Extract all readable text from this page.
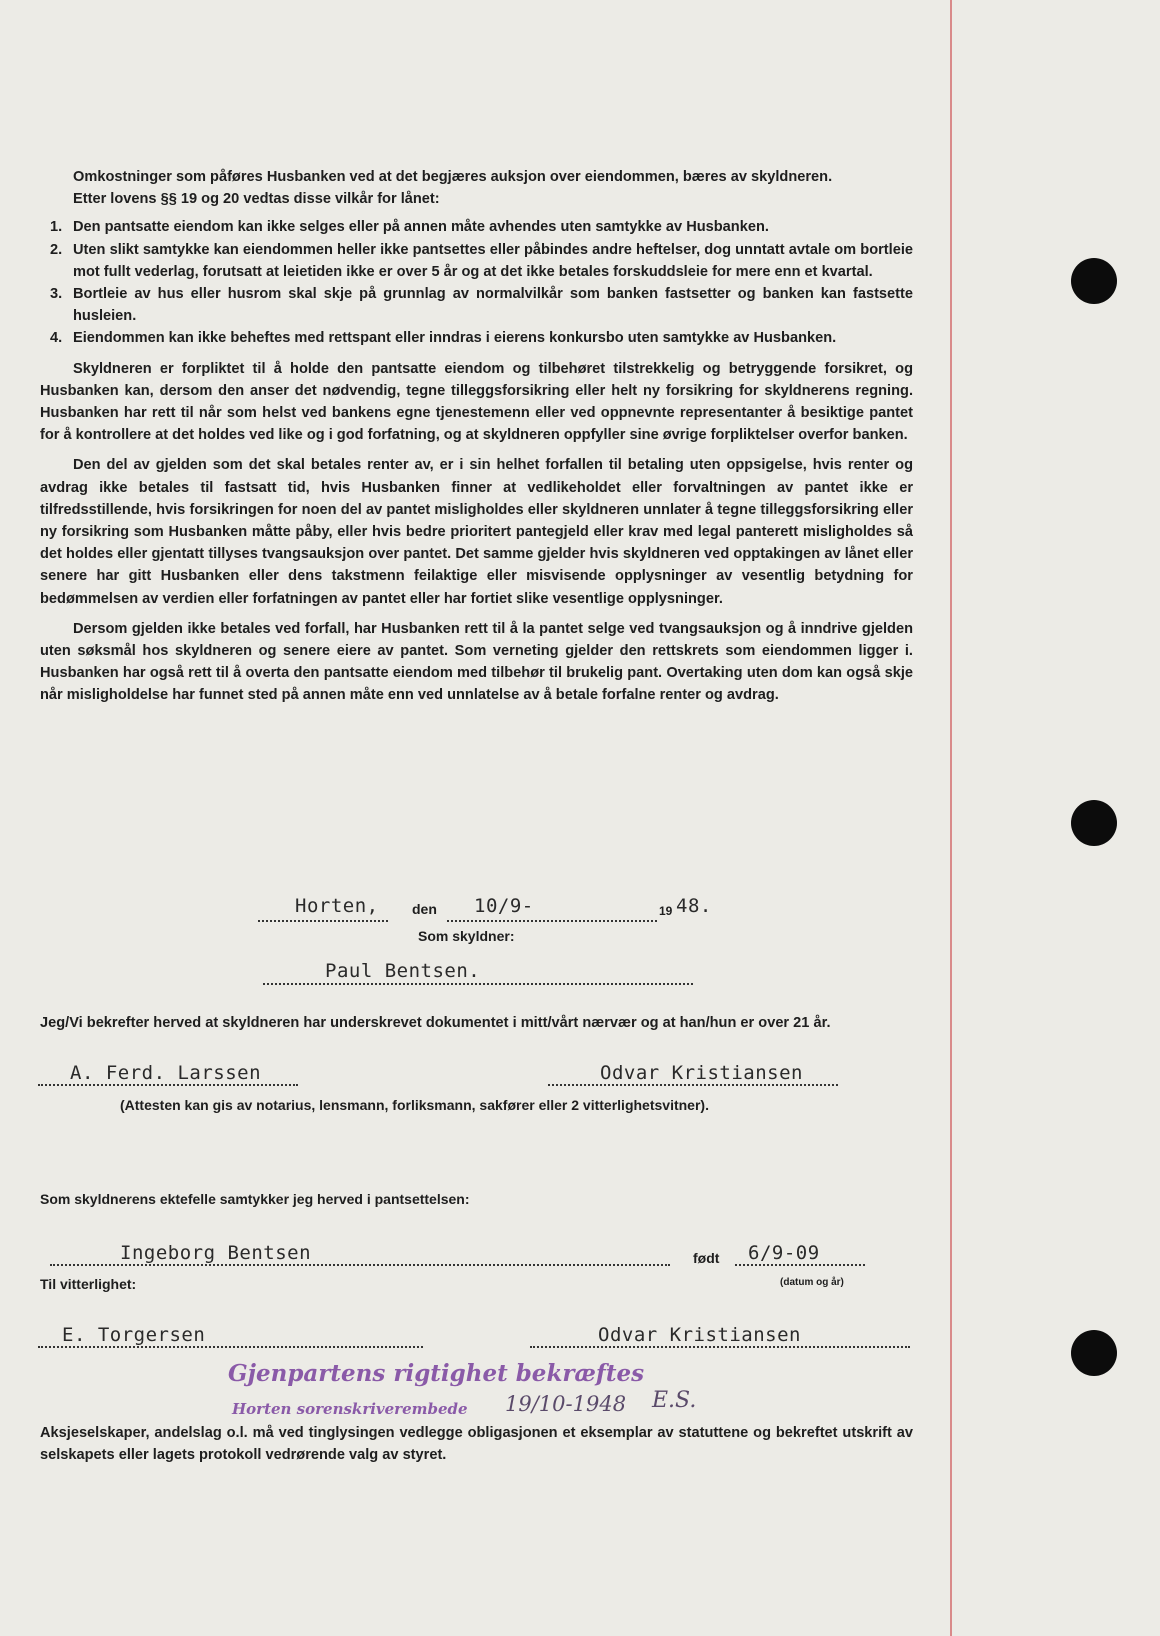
Omkostninger som påføres Husbanken ved at det begjæres auksjon over eiendommen, bæres av skyldneren.

Etter lovens §§ 19 og 20 vedtas disse vilkår for lånet:

1. Den pantsatte eiendom kan ikke selges eller på annen måte avhendes uten samtykke av Husbanken.
2. Uten slikt samtykke kan eiendommen heller ikke pantsettes eller påbindes andre heftelser, dog unntatt avtale om bortleie mot fullt vederlag, forutsatt at leietiden ikke er over 5 år og at det ikke betales forskuddsleie for mere enn et kvartal.
3. Bortleie av hus eller husrom skal skje på grunnlag av normalvilkår som banken fastsetter og banken kan fastsette husleien.
4. Eiendommen kan ikke beheftes med rettspant eller inndras i eierens konkursbo uten samtykke av Husbanken.

Skyldneren er forpliktet til å holde den pantsatte eiendom og tilbehøret tilstrekkelig og betryggende forsikret, og Husbanken kan, dersom den anser det nødvendig, tegne tilleggsforsikring eller helt ny forsikring for skyldnerens regning. Husbanken har rett til når som helst ved bankens egne tjenestemenn eller ved oppnevnte representanter å besiktige pantet for å kontrollere at det holdes ved like og i god forfatning, og at skyldneren oppfyller sine øvrige forpliktelser overfor banken.

Den del av gjelden som det skal betales renter av, er i sin helhet forfallen til betaling uten oppsigelse, hvis renter og avdrag ikke betales til fastsatt tid, hvis Husbanken finner at vedlikeholdet eller forvaltningen av pantet ikke er tilfredsstillende, hvis forsikringen for noen del av pantet misligholdes eller skyldneren unnlater å tegne tilleggsforsikring eller ny forsikring som Husbanken måtte påby, eller hvis bedre prioritert pantegjeld eller krav med legal panterett misligholdes så det holdes eller gjentatt tillyses tvangsauksjon over pantet. Det samme gjelder hvis skyldneren ved opptakingen av lånet eller senere har gitt Husbanken eller dens takstmenn feilaktige eller misvisende opplysninger av vesentlig betydning for bedømmelsen av verdien eller forfatningen av pantet eller har fortiet slike vesentlige opplysninger.

Dersom gjelden ikke betales ved forfall, har Husbanken rett til å la pantet selge ved tvangsauksjon og å inndrive gjelden uten søksmål hos skyldneren og senere eiere av pantet. Som verneting gjelder den rettskrets som eiendommen ligger i. Husbanken har også rett til å overta den pantsatte eiendom med tilbehør til brukelig pant. Overtaking uten dom kan også skje når misligholdelse har funnet sted på annen måte enn ved unnlatelse av å betale forfalne renter og avdrag.

Horten, den 10/9-	19 48.
Som skyldner:
Paul Bentsen.

Jeg/Vi bekrefter herved at skyldneren har underskrevet dokumentet i mitt/vårt nærvær og at han/hun er over 21 år.

A. Ferd. Larssen	Odvar Kristiansen
(Attesten kan gis av notarius, lensmann, forliksmann, sakfører eller 2 vitterlighetsvitner).
Som skyldnerens ektefelle samtykker jeg herved i pantsettelsen:
Ingeborg Bentsen	født 6/9-09
(datum og år)
Til vitterlighet:
E. Torgersen	Odvar Kristiansen
Gjenpartens rigtighet bekræftes
Horten sorenskriverembede 19/10-1948 E.S.

Aksjeselskaper, andelslag o.l. må ved tinglysingen vedlegge obligasjonen et eksemplar av statuttene og bekreftet utskrift av selskapets eller lagets protokoll vedrørende valg av styret.
